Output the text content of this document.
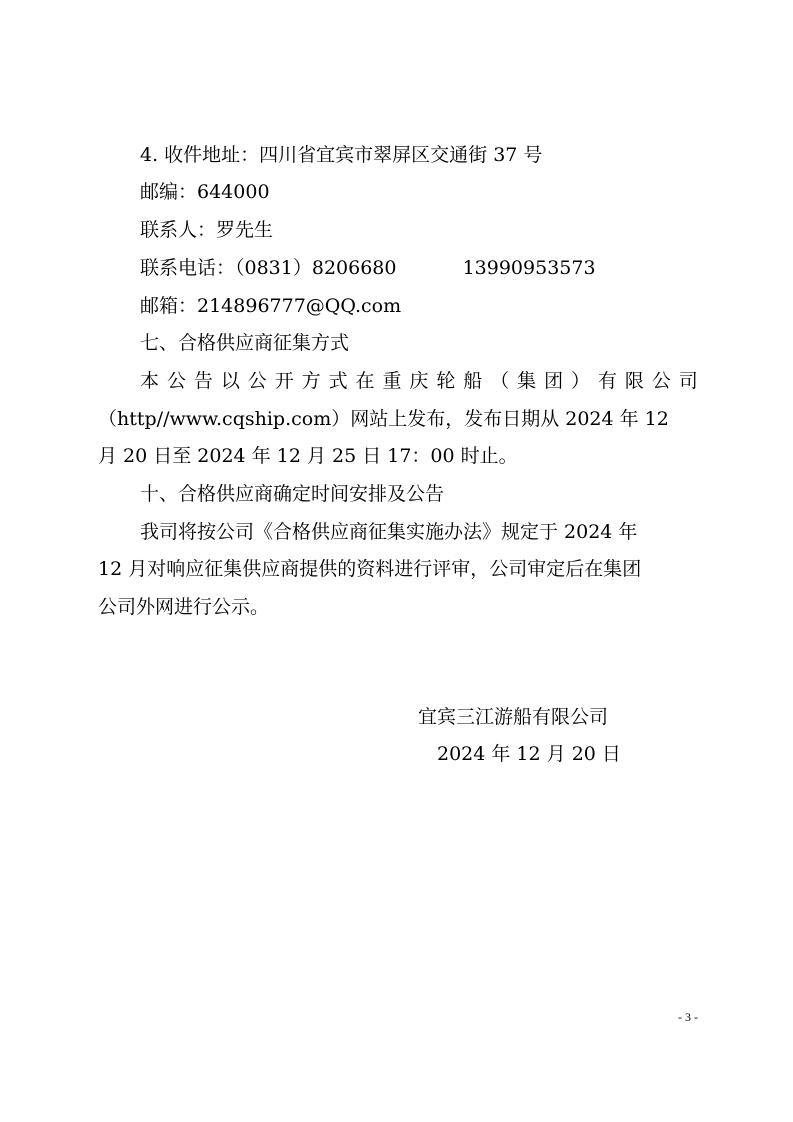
4. 收件地址：四川省宜宾市翠屏区交通街 37 号
邮编：644000
联系人：罗先生
联系电话：（0831）8206680	13990953573
邮箱：214896777@QQ.com
七、合格供应商征集方式
本 公 告 以 公 开 方 式 在 重 庆 轮 船 （ 集 团 ） 有 限 公 司
（http//www.cqship.com）网站上发布，发布日期从 2024 年 12
月 20 日至 2024 年 12 月 25 日 17：00 时止。
十、合格供应商确定时间安排及公告
我司将按公司《合格供应商征集实施办法》规定于 2024 年
12 月对响应征集供应商提供的资料进行评审，公司审定后在集团
公司外网进行公示。
宜宾三江游船有限公司
2024 年 12 月 20 日
- 3 -
